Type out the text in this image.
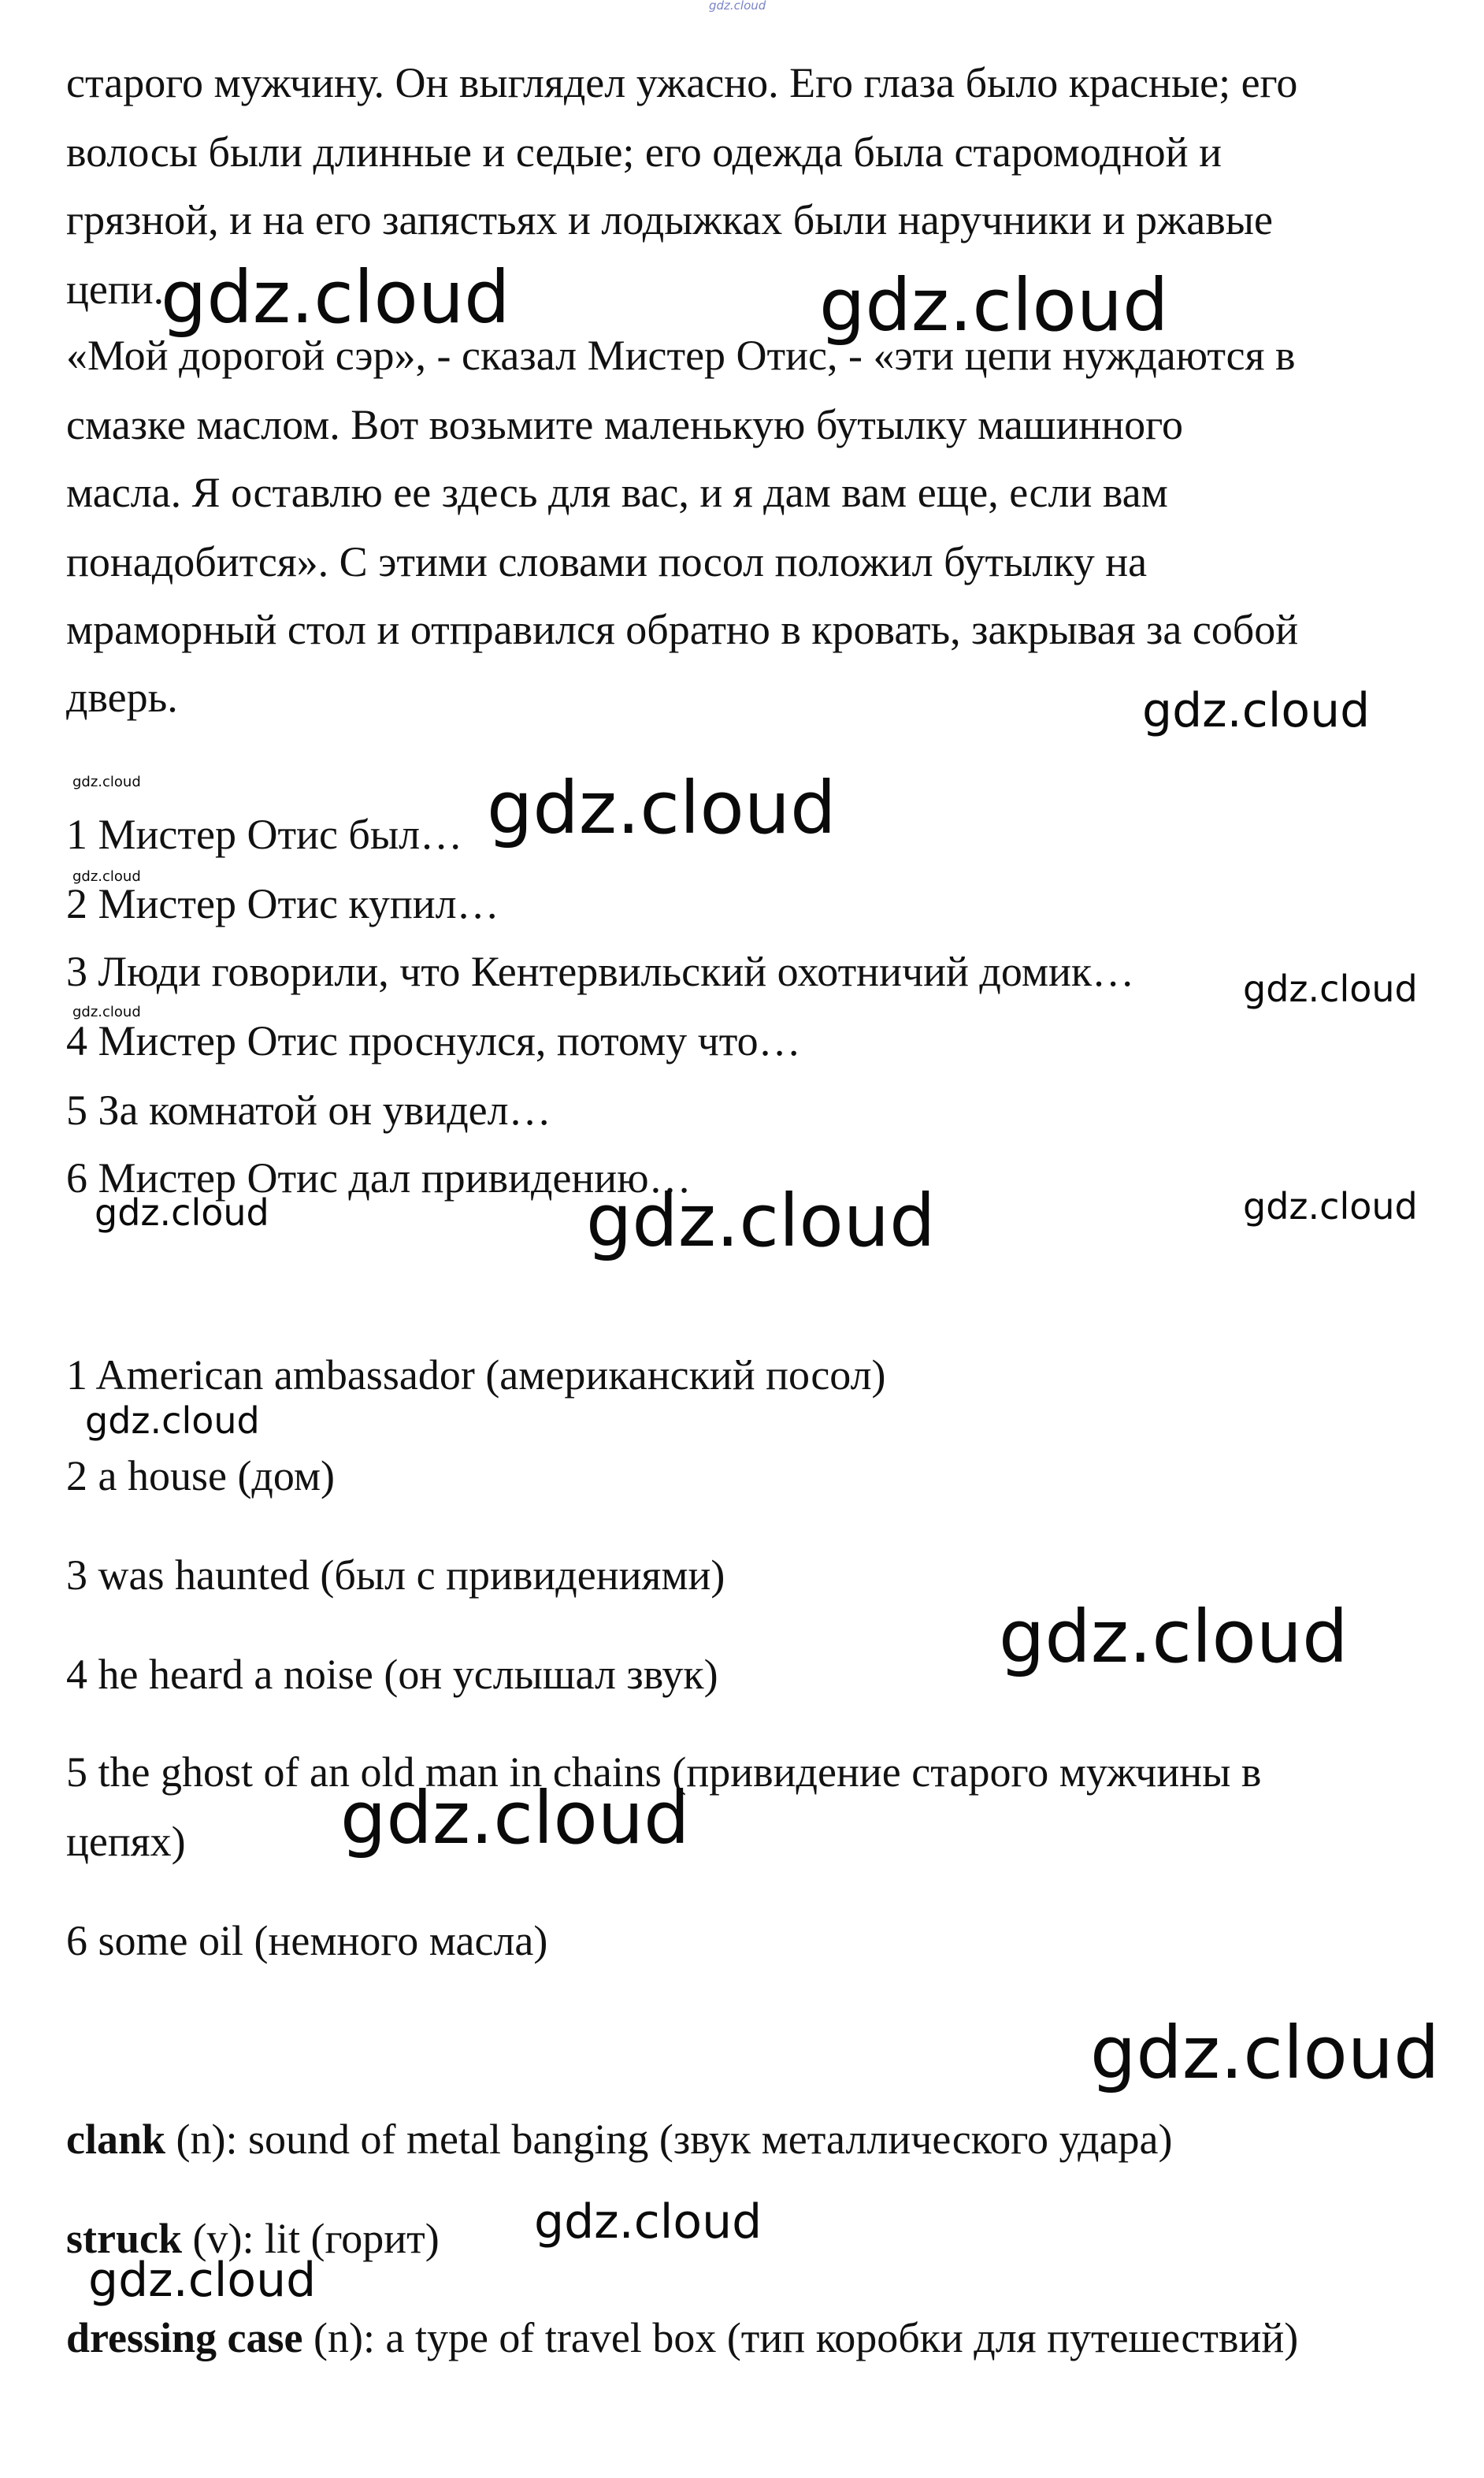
старого мужчину. Он выглядел ужасно. Его глаза было красные; его
волосы были длинные и седые; его одежда была старомодной и
грязной, и на его запястьях и лодыжках были наручники и ржавые
цепи.
«Мой дорогой сэр», - сказал Мистер Отис, - «эти цепи нуждаются в
смазке маслом. Вот возьмите маленькую бутылку машинного
масла. Я оставлю ее здесь для вас, и я дам вам еще, если вам
понадобится». С этими словами посол положил бутылку на
мраморный стол и отправился обратно в кровать, закрывая за собой
дверь.
1 Мистер Отис был…
2 Мистер Отис купил…
3 Люди говорили, что Кентервильский охотничий домик…
4 Мистер Отис проснулся, потому что…
5 За комнатой он увидел…
6 Мистер Отис дал привидению…
1 American ambassador (американский посол)
2 a house (дом)
3 was haunted (был с привидениями)
4 he heard a noise (он услышал звук)
5 the ghost of an old man in chains (привидение старого мужчины в
цепях)
6 some oil (немного масла)
clank (n): sound of metal banging (звук металлического удара)
struck (v): lit (горит)
dressing case (n): a type of travel box (тип коробки для путешествий)
gdz.cloud
gdz.cloud	gdz.cloud
gdz.cloud
gdz.cloud	gdz.cloud
gdz.cloud
gdz.cloud
gdz.cloud
gdz.cloud	gdz.cloud
gdz.cloud
gdz.cloud
gdz.cloud
gdz.cloud
gdz.cloud
gdz.cloud
gdz.cloud
